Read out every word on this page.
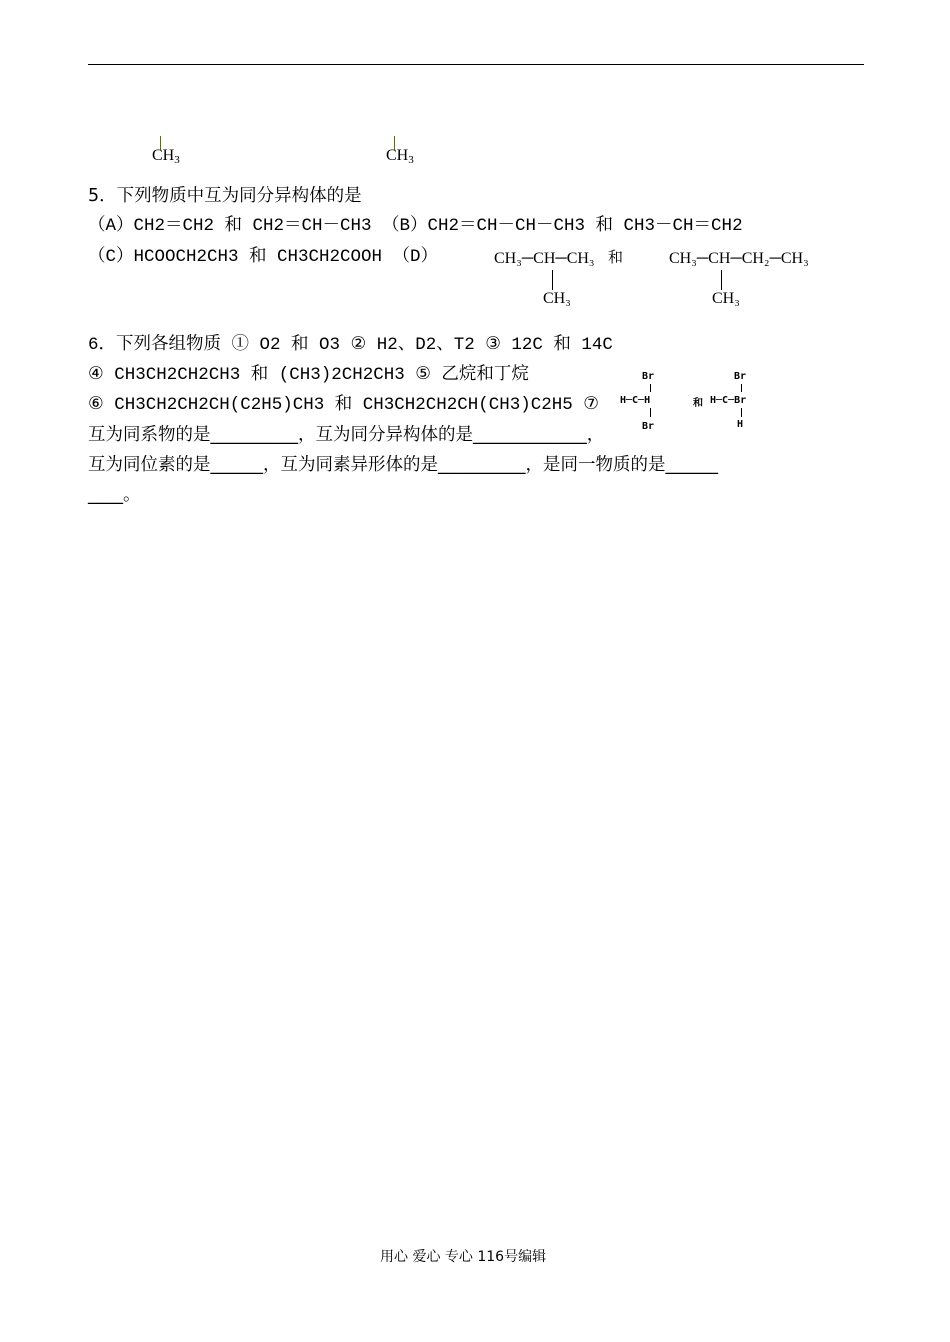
$CH_3$	$CH_3$
5．下列物质中互为同分异构体的是
（A）CH2＝CH2 和 CH2＝CH－CH3 （B）CH2＝CH－CH－CH3 和 CH3－CH＝CH2
（C）HCOOCH2CH3 和 CH3CH2COOH （D）	CH₃─CH─CH₃ 和
CH₃
CH₃─CH─CH₂─CH₃
CH₃
6．下列各组物质 ① O2 和 O3 ② H2、D2、T2 ③ 12C 和 14C
④ CH3CH2CH2CH3 和 (CH3)2CH2CH3 ⑤ 乙烷和丁烷
⑥ CH3CH2CH2CH(C2H5)CH3 和 CH3CH2CH2CH(CH3)C2H5 ⑦
Br
H─C─H
Br
和
Br
H─C─Br
H
互为同系物的是__________，互为同分异构体的是_____________，
互为同位素的是______，互为同素异形体的是__________，是同一物质的是______
____。
用心 爱心 专心 116号编辑
